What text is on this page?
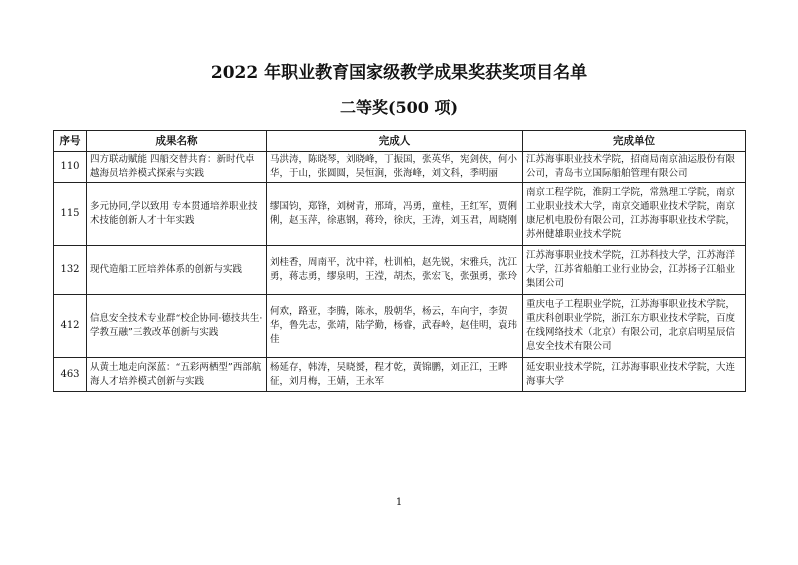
2022 年职业教育国家级教学成果奖获奖项目名单
二等奖(500 项)
序号	成果名称	完成人	完成单位
110	四方联动赋能 四船交替共育：新时代卓越海员培养模式探索与实践	马洪涛，陈晓琴，刘晓峰，丁振国，张英华，宪剑侠，何小华，于山，张圆圆，吴恒涧，张海峰，刘文科，季明丽	江苏海事职业技术学院，招商局南京油运股份有限公司，青岛韦立国际船舶管理有限公司
115	多元协同,学以致用 专本贯通培养职业技术技能创新人才十年实践	缪国钧，郑锋，刘树青，邢琦，冯勇，童桂，王红军，贾俐俐，赵玉萍，徐惠钢，蒋玲，徐庆，王涛，刘玉君，周晓刚	南京工程学院，淮阴工学院，常熟理工学院，南京工业职业技术大学，南京交通职业技术学院，南京康尼机电股份有限公司，江苏海事职业技术学院，苏州健雄职业技术学院
132	现代造船工匠培养体系的创新与实践	刘桂香，周南平，沈中祥，杜训柏，赵先锐，宋雅兵，沈江勇，蒋志勇，缪泉明，王滢，胡杰，张宏飞，张强勇，张玲	江苏海事职业技术学院，江苏科技大学，江苏海洋大学，江苏省船舶工业行业协会，江苏扬子江船业集团公司
412	信息安全技术专业群“校企协同·德技共生·学教互融”三教改革创新与实践	何欢，路亚，李腾，陈永，殷朝华，杨云，车向宇，李贺华，鲁先志，张靖，陆学勤，杨睿，武春岭，赵佳明，袁玮佳	重庆电子工程职业学院，江苏海事职业技术学院，重庆科创职业学院，浙江东方职业技术学院，百度在线网络技术（北京）有限公司，北京启明星辰信息安全技术有限公司
463	从黄土地走向深蓝：“五彩两栖型”西部航海人才培养模式创新与实践	杨延存，韩涛，吴晓赟，程才乾，黄锦鹏，刘正江，王晔征，刘月梅，王婧，王永军	延安职业技术学院，江苏海事职业技术学院，大连海事大学
1
